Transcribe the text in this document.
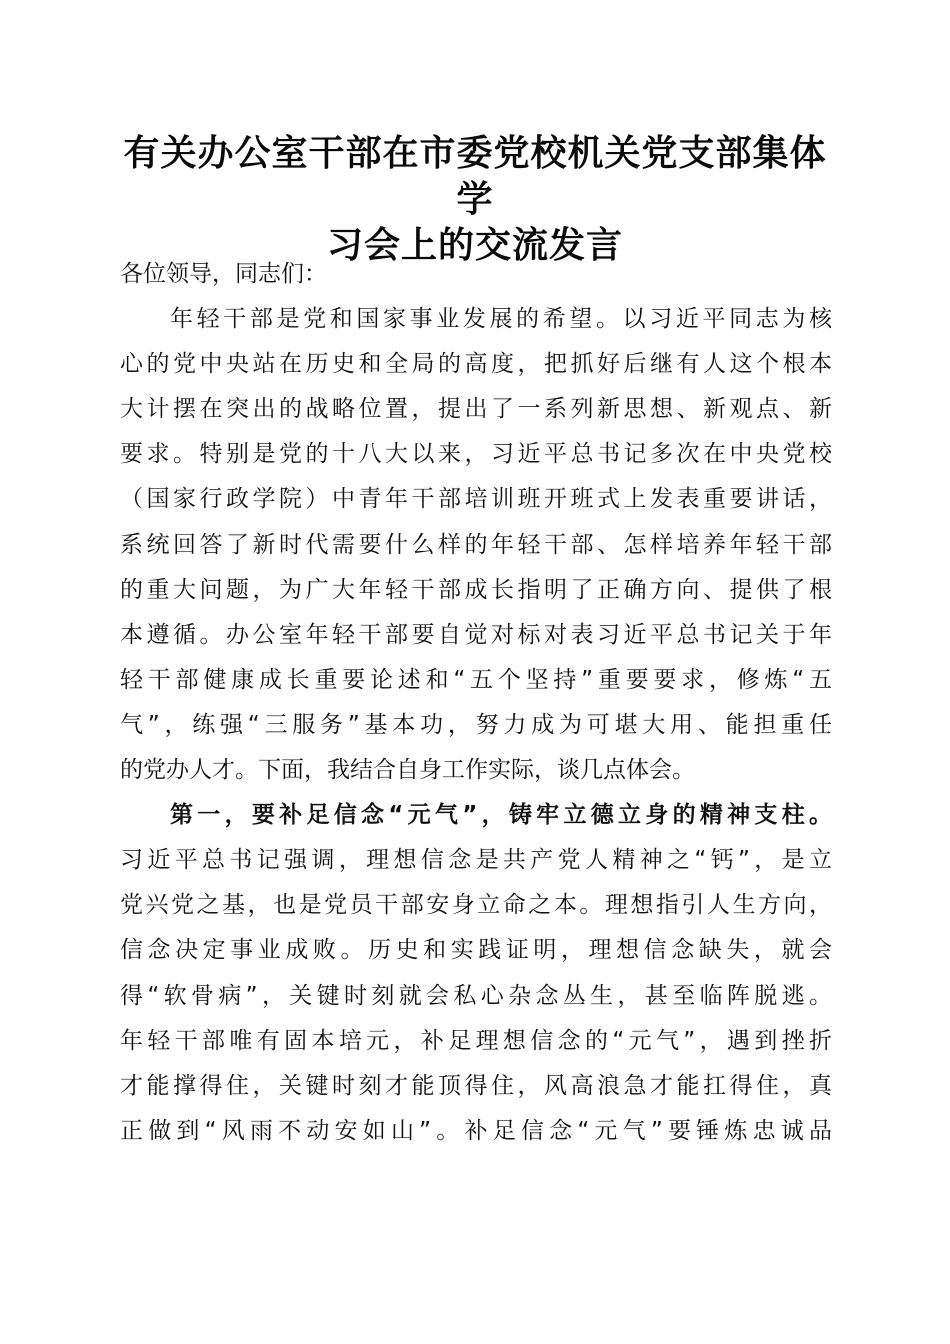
有关办公室干部在市委党校机关党支部集体学
习会上的交流发言
各位领导，同志们：
年轻干部是党和国家事业发展的希望。以习近平同志为核
心的党中央站在历史和全局的高度，把抓好后继有人这个根本
大计摆在突出的战略位置，提出了一系列新思想、新观点、新
要求。特别是党的十八大以来，习近平总书记多次在中央党校
（国家行政学院）中青年干部培训班开班式上发表重要讲话，
系统回答了新时代需要什么样的年轻干部、怎样培养年轻干部
的重大问题，为广大年轻干部成长指明了正确方向、提供了根
本遵循。办公室年轻干部要自觉对标对表习近平总书记关于年
轻干部健康成长重要论述和“五个坚持”重要要求，修炼“五
气”，练强“三服务”基本功，努力成为可堪大用、能担重任
的党办人才。下面，我结合自身工作实际，谈几点体会。
第一，要补足信念“元气”，铸牢立德立身的精神支柱。
习近平总书记强调，理想信念是共产党人精神之“钙”，是立
党兴党之基，也是党员干部安身立命之本。理想指引人生方向，
信念决定事业成败。历史和实践证明，理想信念缺失，就会
得“软骨病”，关键时刻就会私心杂念丛生，甚至临阵脱逃。
年轻干部唯有固本培元，补足理想信念的“元气”，遇到挫折
才能撑得住，关键时刻才能顶得住，风高浪急才能扛得住，真
正做到“风雨不动安如山”。补足信念“元气”要锤炼忠诚品
